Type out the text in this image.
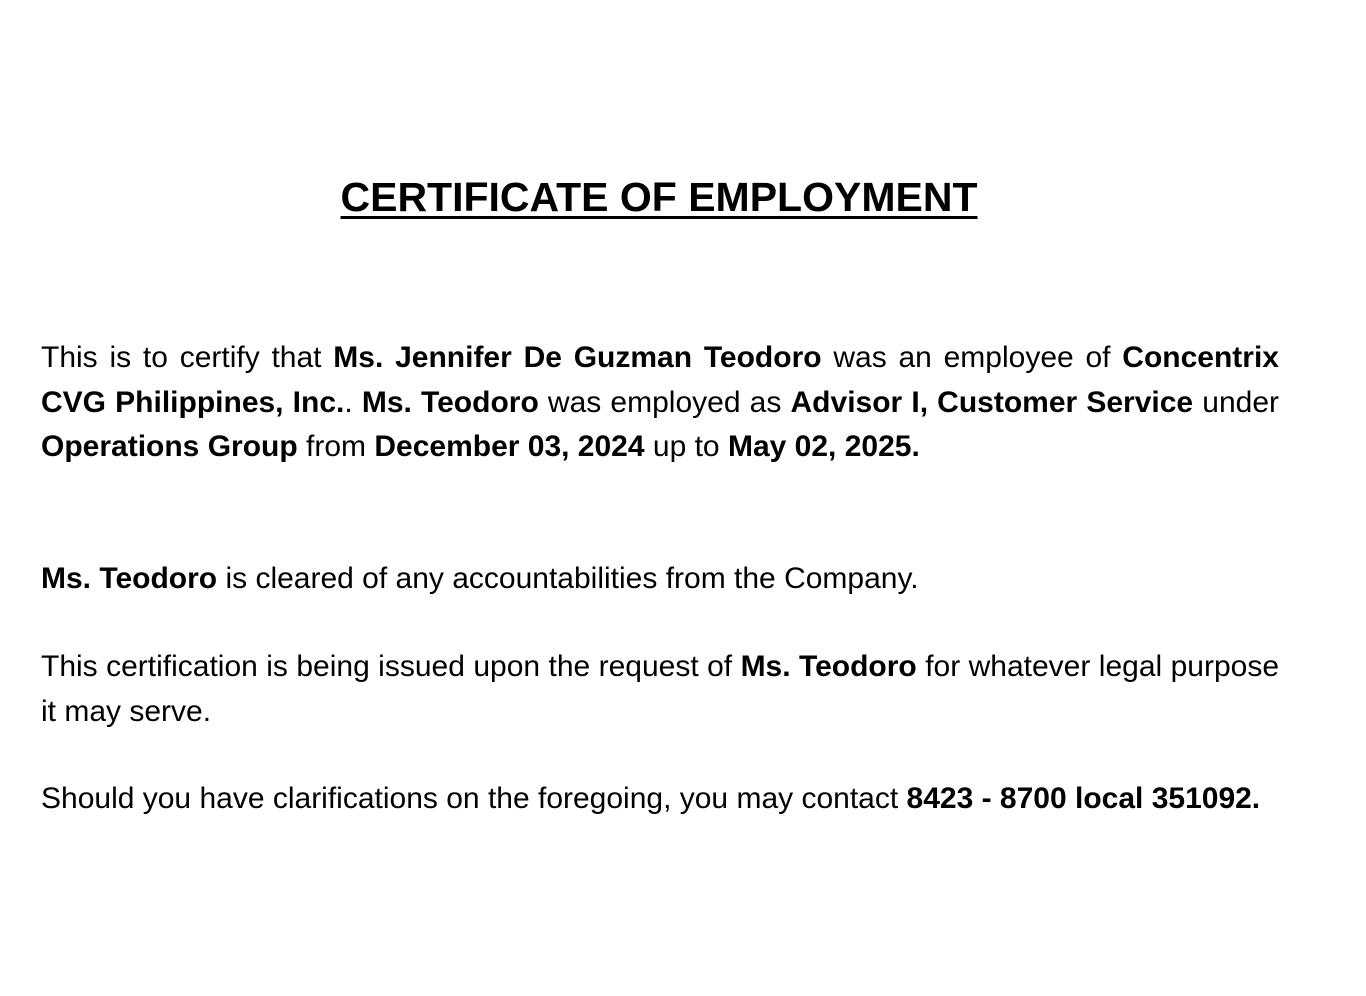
CERTIFICATE OF EMPLOYMENT

This is to certify that Ms. Jennifer De Guzman Teodoro was an employee of Concentrix CVG Philippines, Inc.. Ms. Teodoro was employed as Advisor I, Customer Service under Operations Group from December 03, 2024 up to May 02, 2025.

Ms. Teodoro is cleared of any accountabilities from the Company.

This certification is being issued upon the request of Ms. Teodoro for whatever legal purpose it may serve.

Should you have clarifications on the foregoing, you may contact 8423 - 8700 local 351092.
